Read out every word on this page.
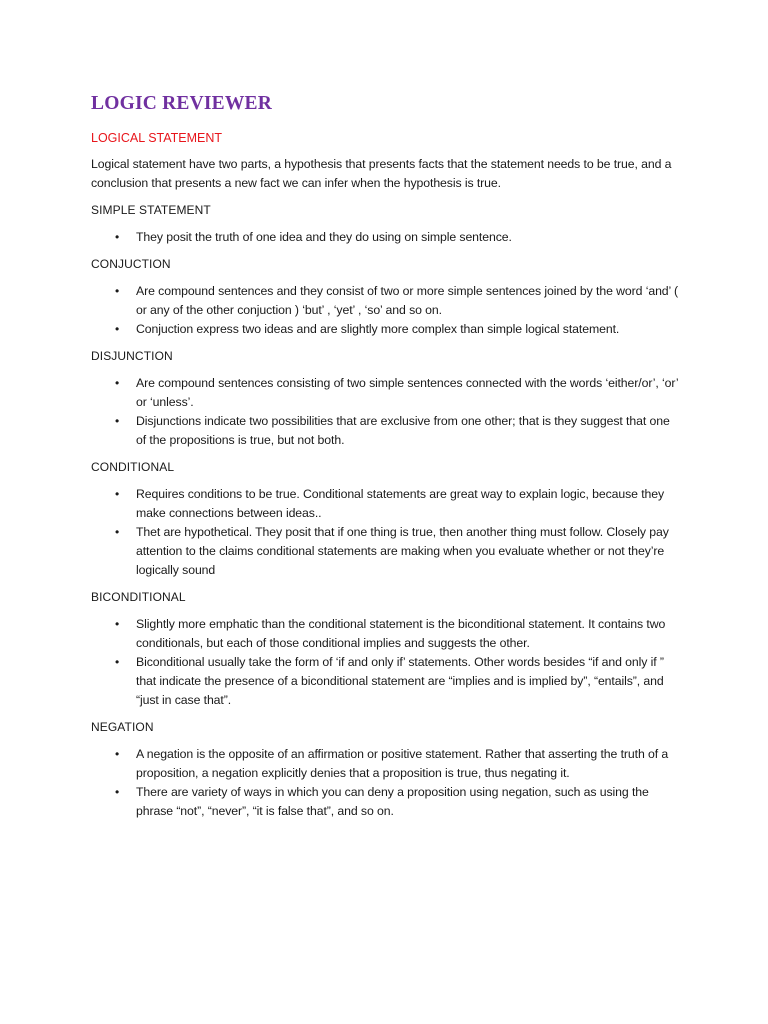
LOGIC REVIEWER
LOGICAL STATEMENT

Logical statement have two parts, a hypothesis that presents facts that the statement needs to be true, and a conclusion that presents a new fact we can infer when the hypothesis is true.

SIMPLE STATEMENT
• They posit the truth of one idea and they do using on simple sentence.
CONJUCTION
• Are compound sentences and they consist of two or more simple sentences joined by the word ‘and’ ( or any of the other conjuction ) ‘but’ , ‘yet’ , ‘so’ and so on.
• Conjuction express two ideas and are slightly more complex than simple logical statement.
DISJUNCTION
• Are compound sentences consisting of two simple sentences connected with the words ‘either/or’, ‘or’ or ‘unless’.
• Disjunctions indicate two possibilities that are exclusive from one other; that is they suggest that one of the propositions is true, but not both.
CONDITIONAL
• Requires conditions to be true. Conditional statements are great way to explain logic, because they make connections between ideas..
• Thet are hypothetical. They posit that if one thing is true, then another thing must follow. Closely pay attention to the claims conditional statements are making when you evaluate whether or not they’re logically sound
BICONDITIONAL
• Slightly more emphatic than the conditional statement is the biconditional statement. It contains two conditionals, but each of those conditional implies and suggests the other.
• Biconditional usually take the form of ‘if and only if’ statements. Other words besides “if and only if ” that indicate the presence of a biconditional statement are “implies and is implied by”, “entails”, and “just in case that”.
NEGATION
• A negation is the opposite of an affirmation or positive statement. Rather that asserting the truth of a proposition, a negation explicitly denies that a proposition is true, thus negating it.
• There are variety of ways in which you can deny a proposition using negation, such as using the phrase “not”, “never”, “it is false that”, and so on.
